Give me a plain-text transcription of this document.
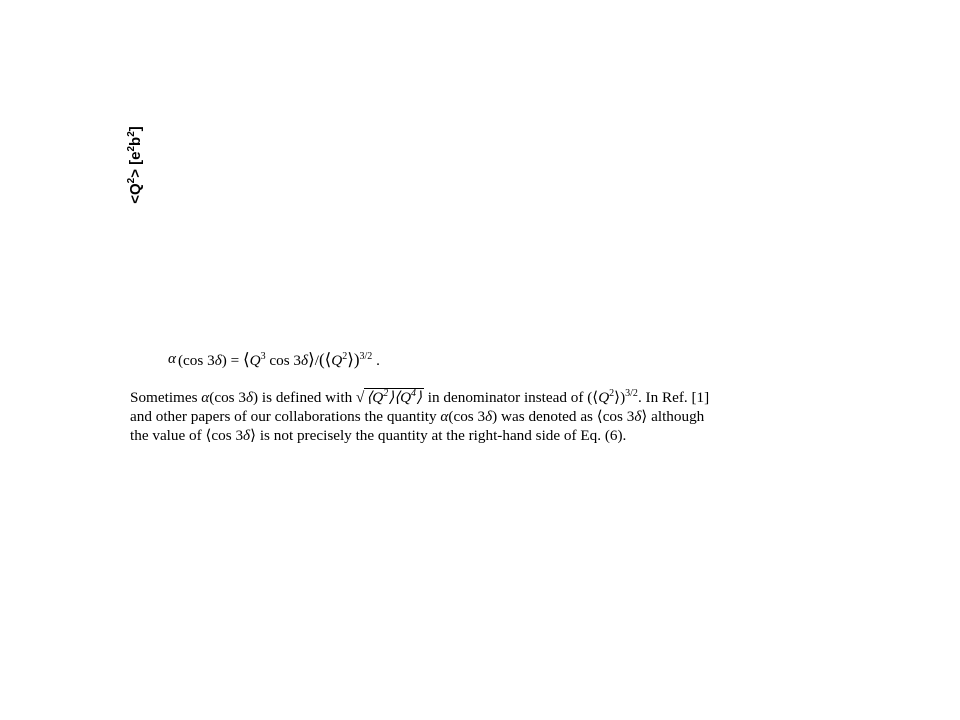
$<Q^2> [e^2b^2]$

α (cos $3\delta) = ⟨Q^3$ $\cos 3\delta⟩/(⟨Q^2⟩)^{3/2}$ .
Sometimes α(cos 3δ) is defined with √ $⟨Q^2⟩⟨Q^4⟩$ in denominator instead of $(⟨Q^2⟩)^{3/2}$. In Ref. [1]
and other papers of our collaborations the quantity α(cos 3δ) was denoted as ⟨cos 3δ⟩ although
the value of ⟨cos 3δ⟩ is not precisely the quantity at the right-hand side of Eq. (6).
